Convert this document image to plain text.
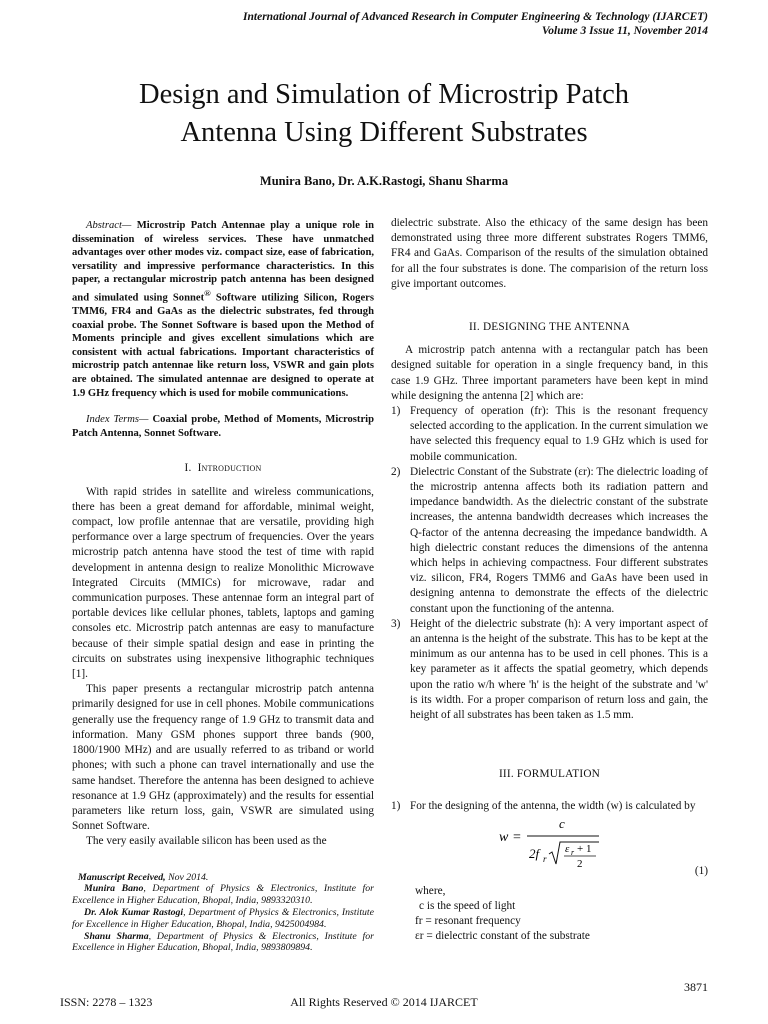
International Journal of Advanced Research in Computer Engineering & Technology (IJARCET)
Volume 3 Issue 11, November 2014
Design and Simulation of Microstrip Patch
Antenna Using Different Substrates
Munira Bano, Dr. A.K.Rastogi, Shanu Sharma

Abstract— Microstrip Patch Antennae play a unique role in dissemination of wireless services. These have unmatched advantages over other modes viz. compact size, ease of fabrication, versatility and impressive performance characteristics. In this paper, a rectangular microstrip patch antenna has been designed and simulated using Sonnet® Software utilizing Silicon, Rogers TMM6, FR4 and GaAs as the dielectric substrates, fed through coaxial probe. The Sonnet Software is based upon the Method of Moments principle and gives excellent simulations which are consistent with actual fabrications. Important characteristics of microstrip patch antennae like return loss, VSWR and gain plots are obtained. The simulated antennae are designed to operate at 1.9 GHz frequency which is used for mobile communications.

Index Terms— Coaxial probe, Method of Moments, Microstrip Patch Antenna, Sonnet Software.

I. Introduction

With rapid strides in satellite and wireless communications, there has been a great demand for affordable, minimal weight, compact, low profile antennae that are versatile, providing high performance over a large spectrum of frequencies. Over the years microstrip patch antenna have stood the test of time with rapid development in antenna design to realize Monolithic Microwave Integrated Circuits (MMICs) for microwave, radar and communication purposes. These antennae form an integral part of portable devices like cellular phones, tablets, laptops and gaming consoles etc. Microstrip patch antennas are easy to manufacture because of their simple spatial design and ease in printing the circuits on substrates using inexpensive lithographic techniques [1].

This paper presents a rectangular microstrip patch antenna primarily designed for use in cell phones. Mobile communications generally use the frequency range of 1.9 GHz to transmit data and information. Many GSM phones support three bands (900, 1800/1900 MHz) and are usually referred to as triband or world phones; with such a phone can travel internationally and use the same handset. Therefore the antenna has been designed to achieve resonance at 1.9 GHz (approximately) and the results for essential parameters like return loss, gain, VSWR are simulated using Sonnet Software.

The very easily available silicon has been used as the

Manuscript Received, Nov 2014.

Munira Bano, Department of Physics & Electronics, Institute for Excellence in Higher Education, Bhopal, India, 9893320310.

Dr. Alok Kumar Rastogi, Department of Physics & Electronics, Institute for Excellence in Higher Education, Bhopal, India, 9425004984.

Shanu Sharma, Department of Physics & Electronics, Institute for Excellence in Higher Education, Bhopal, India, 9893809894.

dielectric substrate. Also the ethicacy of the same design has been demonstrated using three more different substrates Rogers TMM6, FR4 and GaAs. Comparison of the results of the simulation obtained for all the four substrates is done. The comparision of the return loss give important outcomes.

II. DESIGNING THE ANTENNA

A microstrip patch antenna with a rectangular patch has been designed suitable for operation in a single frequency band, in this case 1.9 GHz. Three important parameters have been kept in mind while designing the antenna [2] which are:

1) Frequency of operation (fr): This is the resonant frequency selected according to the application. In the current simulation we have selected this frequency equal to 1.9 GHz which is used for mobile communication.
2) Dielectric Constant of the Substrate (εr): The dielectric loading of the microstrip antenna affects both its radiation pattern and impedance bandwidth. As the dielectric constant of the substrate increases, the antenna bandwidth decreases which increases the Q-factor of the antenna decreasing the impedance bandwidth. A high dielectric constant reduces the dimensions of the antenna which helps in achieving compactness. Four different substrates viz. silicon, FR4, Rogers TMM6 and GaAs have been used in designing antenna to demonstrate the effects of the dielectric constant upon the functioning of the antenna.
3) Height of the dielectric substrate (h): A very important aspect of an antenna is the height of the substrate. This has to be kept at the minimum as our antenna has to be used in cell phones. This is a key parameter as it affects the spatial geometry, which depends upon the ratio w/h where 'h' is the height of the substrate and 'w' is its width. For a proper comparison of return loss and gain, the height of all substrates has been taken as 1.5 mm.

III. FORMULATION

1) For the designing of the antenna, the width (w) is calculated by
w =
c
2f r
ε r + 1
2
(1)

where,

c is the speed of light

fr = resonant frequency

εr = dielectric constant of the substrate

3871
ISSN: 2278 – 1323	All Rights Reserved © 2014 IJARCET
